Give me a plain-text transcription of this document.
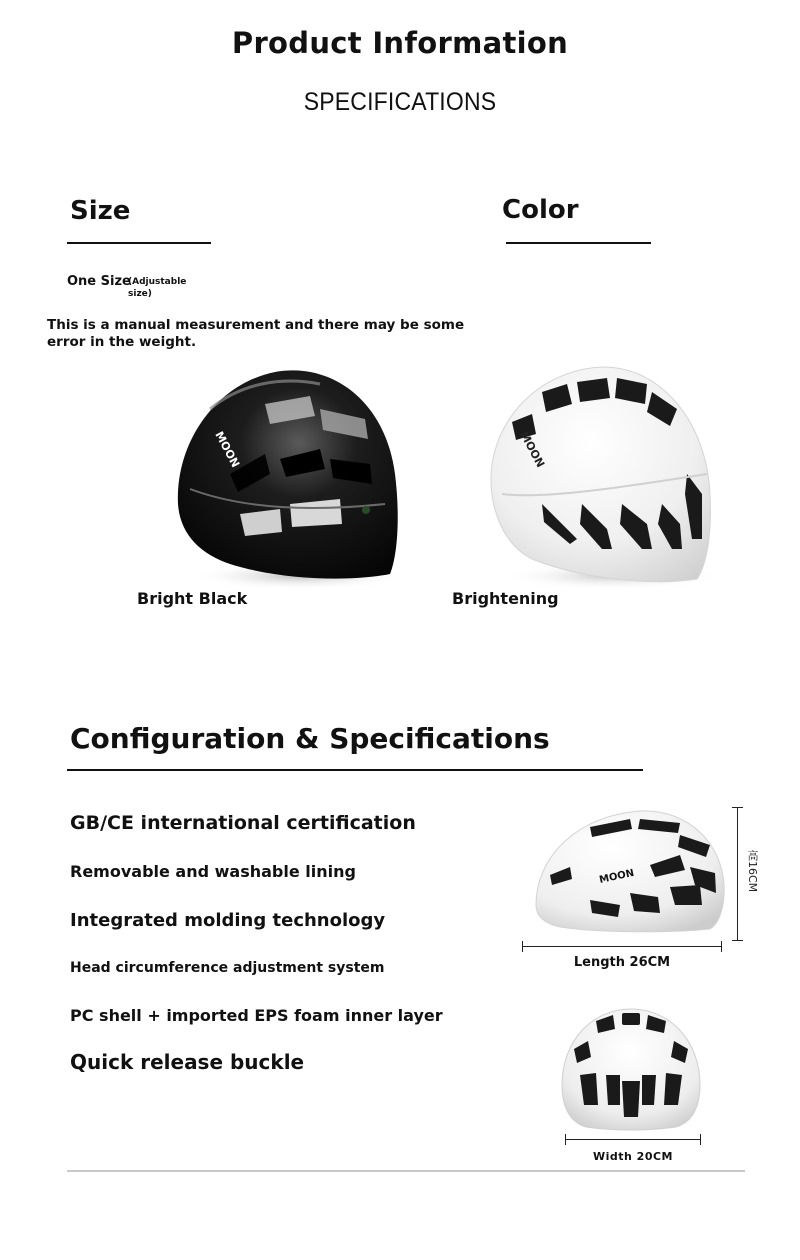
Product Information
SPECIFICATIONS
Size
One Size
(Adjustable
size)
This is a manual measurement and there may be some
error in the weight.
Color
MOON	MOON
Bright Black	Brightening
Configuration & Specifications
GB/CE international certification
Removable and washable lining
Integrated molding technology
Head circumference adjustment system
PC shell + imported EPS foam inner layer
Quick release buckle
MOON	高16CM
Length 26CM
Width 20CM
